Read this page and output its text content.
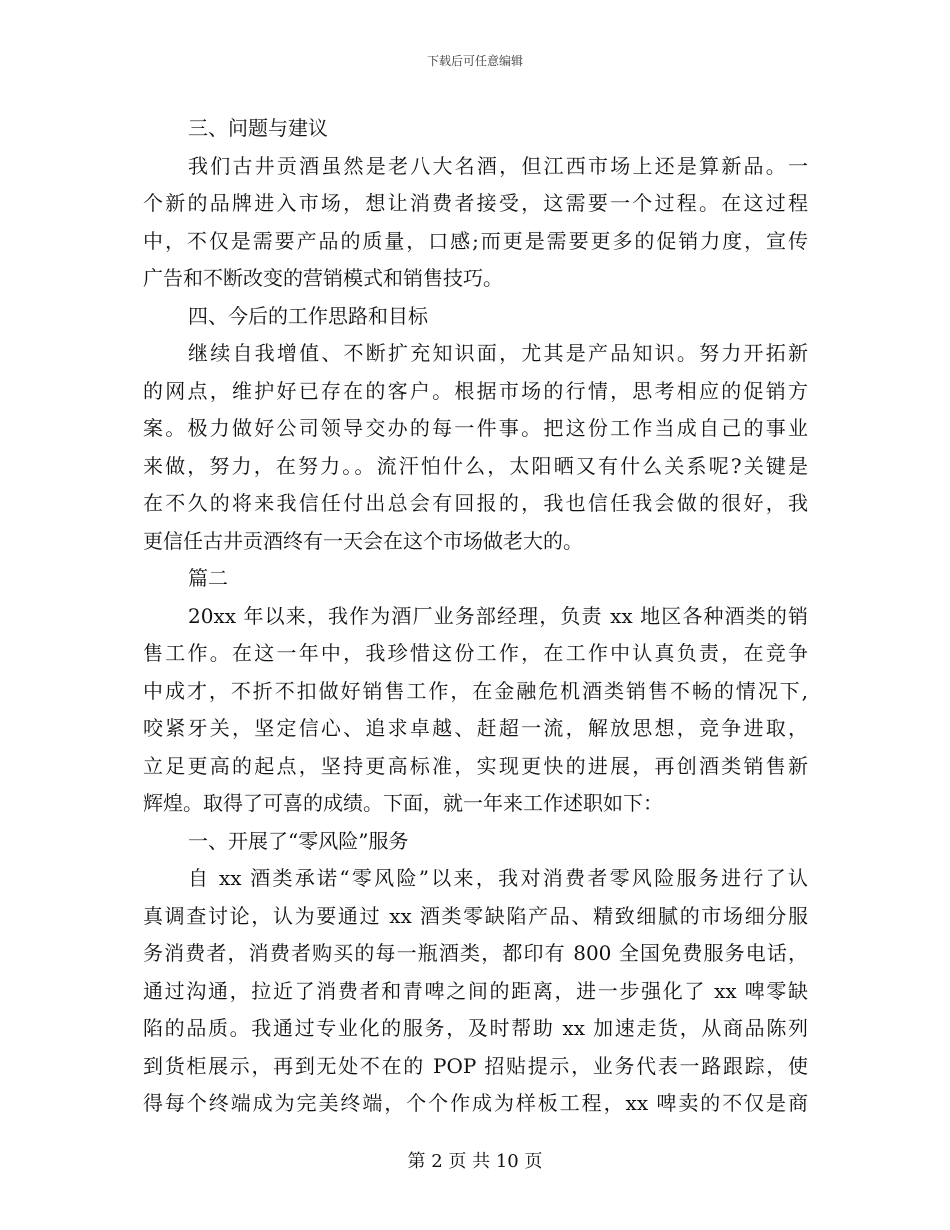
下载后可任意编辑
三、问题与建议
我们古井贡酒虽然是老八大名酒，但江西市场上还是算新品。一
个新的品牌进入市场，想让消费者接受，这需要一个过程。在这过程
中，不仅是需要产品的质量，口感;而更是需要更多的促销力度，宣传
广告和不断改变的营销模式和销售技巧。
四、今后的工作思路和目标
继续自我增值、不断扩充知识面，尤其是产品知识。努力开拓新
的网点，维护好已存在的客户。根据市场的行情，思考相应的促销方
案。极力做好公司领导交办的每一件事。把这份工作当成自己的事业
来做，努力，在努力。。流汗怕什么，太阳晒又有什么关系呢?关键是
在不久的将来我信任付出总会有回报的，我也信任我会做的很好，我
更信任古井贡酒终有一天会在这个市场做老大的。
篇二
20xx 年以来，我作为酒厂业务部经理，负责 xx 地区各种酒类的销
售工作。在这一年中，我珍惜这份工作，在工作中认真负责，在竞争
中成才，不折不扣做好销售工作，在金融危机酒类销售不畅的情况下,
咬紧牙关，坚定信心、追求卓越、赶超一流，解放思想，竞争进取，
立足更高的起点，坚持更高标准，实现更快的进展，再创酒类销售新
辉煌。取得了可喜的成绩。下面，就一年来工作述职如下：
一、开展了“零风险”服务
自 xx 酒类承诺“零风险”以来，我对消费者零风险服务进行了认
真调查讨论，认为要通过 xx 酒类零缺陷产品、精致细腻的市场细分服
务消费者，消费者购买的每一瓶酒类，都印有 800 全国免费服务电话，
通过沟通，拉近了消费者和青啤之间的距离，进一步强化了 xx 啤零缺
陷的品质。我通过专业化的服务，及时帮助 xx 加速走货，从商品陈列
到货柜展示，再到无处不在的 POP 招贴提示，业务代表一路跟踪，使
得每个终端成为完美终端，个个作成为样板工程，xx 啤卖的不仅是商
第 2 页 共 10 页
